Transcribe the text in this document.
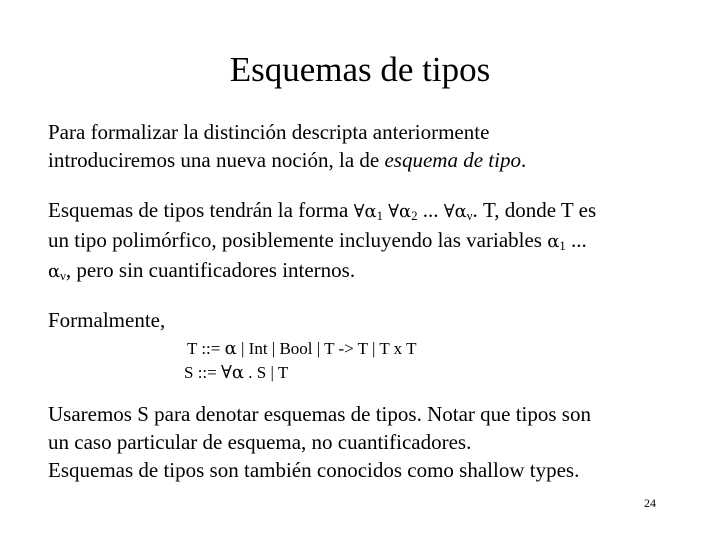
Esquemas de tipos

Para formalizar la distinción descripta anteriormente
introduciremos una nueva noción, la de esquema de tipo.

Esquemas de tipos tendrán la forma $\forall\alpha_1$ $\forall\alpha_2$ ... $\forall\alpha_\nu$. T, donde T es
un tipo polimórfico, posiblemente incluyendo las variables $\alpha_1$ ...
$\alpha_\nu$, pero sin cuantificadores internos.

Formalmente,

T ::= α | Int | Bool | T -> T | T x T
S ::= ∀α . S | T

Usaremos S para denotar esquemas de tipos. Notar que tipos son
un caso particular de esquema, no cuantificadores.
Esquemas de tipos son también conocidos como shallow types.

24
